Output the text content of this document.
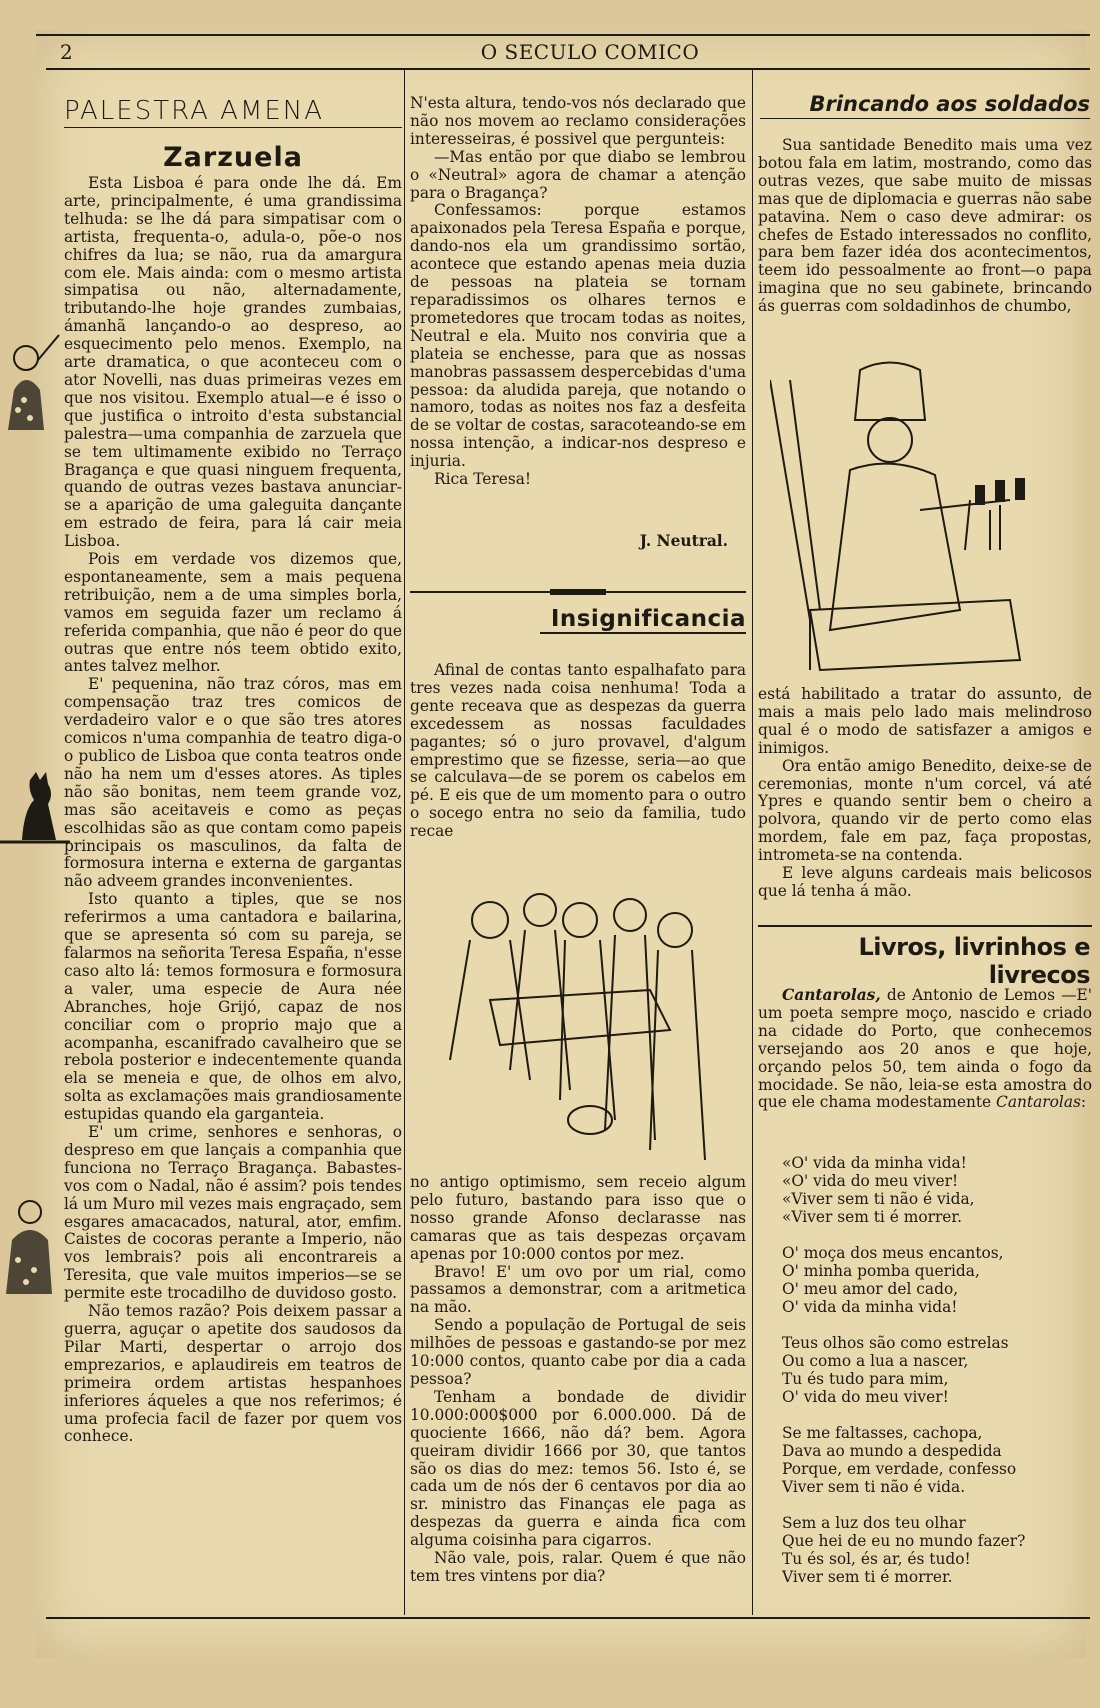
2	O SECULO COMICO
PALESTRA AMENA
Zarzuela

Esta Lisboa é para onde lhe dá. Em arte, principalmente, é uma grandissima telhuda: se lhe dá para simpatisar com o artista, frequenta-o, adula-o, põe-o nos chifres da lua; se não, rua da amargura com ele. Mais ainda: com o mesmo artista simpatisa ou não, alternadamente, tributando-lhe hoje grandes zumbaias, ámanhã lançando-o ao despreso, ao esquecimento pelo menos. Exemplo, na arte dramatica, o que aconteceu com o ator Novelli, nas duas primeiras vezes em que nos visitou. Exemplo atual—e é isso o que justifica o introito d'esta substancial palestra—uma companhia de zarzuela que se tem ultimamente exibido no Terraço Bragança e que quasi ninguem frequenta, quando de outras vezes bastava anunciar-se a aparição de uma galeguita dançante em estrado de feira, para lá cair meia Lisboa.

Pois em verdade vos dizemos que, espontaneamente, sem a mais pequena retribuição, nem a de uma simples borla, vamos em seguida fazer um reclamo á referida companhia, que não é peor do que outras que entre nós teem obtido exito, antes talvez melhor.

E' pequenina, não traz córos, mas em compensação traz tres comicos de verdadeiro valor e o que são tres atores comicos n'uma companhia de teatro diga-o o publico de Lisboa que conta teatros onde não ha nem um d'esses atores. As tiples não são bonitas, nem teem grande voz, mas são aceitaveis e como as peças escolhidas são as que contam como papeis principais os masculinos, da falta de formosura interna e externa de gargantas não adveem grandes inconvenientes.

Isto quanto a tiples, que se nos referirmos a uma cantadora e bailarina, que se apresenta só com su pareja, se falarmos na señorita Teresa España, n'esse caso alto lá: temos formosura e formosura a valer, uma especie de Aura née Abranches, hoje Grijó, capaz de nos conciliar com o proprio majo que a acompanha, escanifrado cavalheiro que se rebola posterior e indecentemente quanda ela se meneia e que, de olhos em alvo, solta as exclamações mais grandiosamente estupidas quando ela garganteia.

E' um crime, senhores e senhoras, o despreso em que lançais a companhia que funciona no Terraço Bragança. Babastes-vos com o Nadal, não é assim? pois tendes lá um Muro mil vezes mais engraçado, sem esgares amacacados, natural, ator, emfim. Caistes de cocoras perante a Imperio, não vos lembrais? pois ali encontrareis a Teresita, que vale muitos imperios—se se permite este trocadilho de duvidoso gosto.

Não temos razão? Pois deixem passar a guerra, aguçar o apetite dos saudosos da Pilar Marti, despertar o arrojo dos emprezarios, e aplaudireis em teatros de primeira ordem artistas hespanhoes inferiores áqueles a que nos referimos; é uma profecia facil de fazer por quem vos conhece.

N'esta altura, tendo-vos nós declarado que não nos movem ao reclamo considerações interesseiras, é possivel que pergunteis:

—Mas então por que diabo se lembrou o «Neutral» agora de chamar a atenção para o Bragança?

Confessamos: porque estamos apaixonados pela Teresa España e porque, dando-nos ela um grandissimo sortão, acontece que estando apenas meia duzia de pessoas na plateia se tornam reparadissimos os olhares ternos e prometedores que trocam todas as noites, Neutral e ela. Muito nos conviria que a plateia se enchesse, para que as nossas manobras passassem despercebidas d'uma pessoa: da aludida pareja, que notando o namoro, todas as noites nos faz a desfeita de se voltar de costas, saracoteando-se em nossa intenção, a indicar-nos despreso e injuria.

Rica Teresa!

J. Neutral.
Insignificancia

Afinal de contas tanto espalhafato para tres vezes nada coisa nenhuma! Toda a gente receava que as despezas da guerra excedessem as nossas faculdades pagantes; só o juro provavel, d'algum emprestimo que se fizesse, seria—ao que se calculava—de se porem os cabelos em pé. E eis que de um momento para o outro o socego entra no seio da familia, tudo recae

no antigo optimismo, sem receio algum pelo futuro, bastando para isso que o nosso grande Afonso declarasse nas camaras que as tais despezas orçavam apenas por 10:000 contos por mez.

Bravo! E' um ovo por um rial, como passamos a demonstrar, com a aritmetica na mão.

Sendo a população de Portugal de seis milhões de pessoas e gastando-se por mez 10:000 contos, quanto cabe por dia a cada pessoa?

Tenham a bondade de dividir 10.000:000$000 por 6.000.000. Dá de quociente 1666, não dá? bem. Agora queiram dividir 1666 por 30, que tantos são os dias do mez: temos 56. Isto é, se cada um de nós der 6 centavos por dia ao sr. ministro das Finanças ele paga as despezas da guerra e ainda fica com alguma coisinha para cigarros.

Não vale, pois, ralar. Quem é que não tem tres vintens por dia?

Brincando aos soldados

Sua santidade Benedito mais uma vez botou fala em latim, mostrando, como das outras vezes, que sabe muito de missas mas que de diplomacia e guerras não sabe patavina. Nem o caso deve admirar: os chefes de Estado interessados no conflito, para bem fazer idéa dos acontecimentos, teem ido pessoalmente ao front—o papa imagina que no seu gabinete, brincando ás guerras com soldadinhos de chumbo,

está habilitado a tratar do assunto, de mais a mais pelo lado mais melindroso qual é o modo de satisfazer a amigos e inimigos.

Ora então amigo Benedito, deixe-se de ceremonias, monte n'um corcel, vá até Ypres e quando sentir bem o cheiro a polvora, quando vir de perto como elas mordem, fale em paz, faça propostas, intrometa-se na contenda.

E leve alguns cardeais mais belicosos que lá tenha á mão.

Livros, livrinhos e livrecos

Cantarolas, de Antonio de Lemos —E' um poeta sempre moço, nascido e criado na cidade do Porto, que conhecemos versejando aos 20 anos e que hoje, orçando pelos 50, tem ainda o fogo da mocidade. Se não, leia-se esta amostra do que ele chama modestamente Cantarolas:

«O' vida da minha vida!
«O' vida do meu viver!
«Viver sem ti não é vida,
«Viver sem ti é morrer.
O' moça dos meus encantos,
O' minha pomba querida,
O' meu amor del cado,
O' vida da minha vida!
Teus olhos são como estrelas
Ou como a lua a nascer,
Tu és tudo para mim,
O' vida do meu viver!
Se me faltasses, cachopa,
Dava ao mundo a despedida
Porque, em verdade, confesso
Viver sem ti não é vida.
Sem a luz dos teu olhar
Que hei de eu no mundo fazer?
Tu és sol, és ar, és tudo!
Viver sem ti é morrer.
